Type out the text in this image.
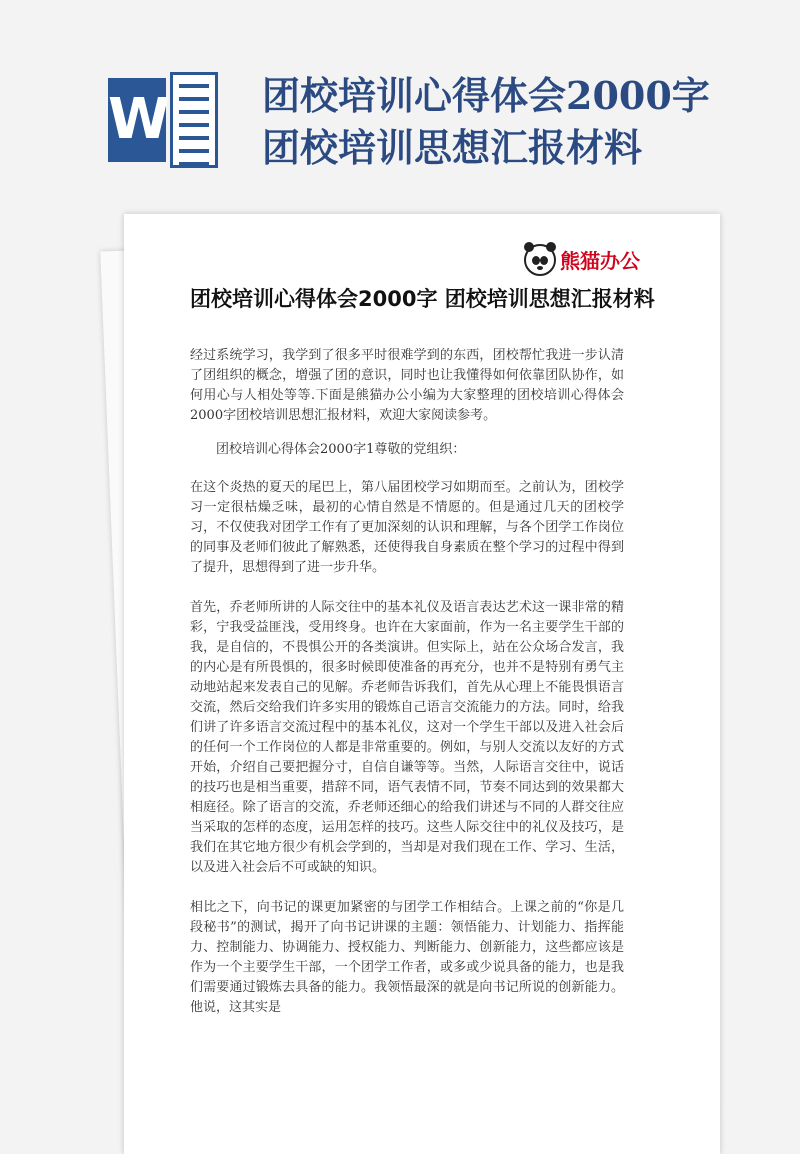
W 团校培训心得体会2000字
团校培训思想汇报材料
熊猫办公
团校培训心得体会2000字 团校培训思想汇报材料

经过系统学习，我学到了很多平时很难学到的东西，团校帮忙我进一步认清了团组织的概念，增强了团的意识，同时也让我懂得如何依靠团队协作，如何用心与人相处等等.下面是熊猫办公小编为大家整理的团校培训心得体会2000字团校培训思想汇报材料，欢迎大家阅读参考。

团校培训心得体会2000字1尊敬的党组织：

在这个炎热的夏天的尾巴上，第八届团校学习如期而至。之前认为，团校学习一定很枯燥乏味，最初的心情自然是不情愿的。但是通过几天的团校学习，不仅使我对团学工作有了更加深刻的认识和理解，与各个团学工作岗位的同事及老师们彼此了解熟悉，还使得我自身素质在整个学习的过程中得到了提升，思想得到了进一步升华。

首先，乔老师所讲的人际交往中的基本礼仪及语言表达艺术这一课非常的精彩，宁我受益匪浅，受用终身。也许在大家面前，作为一名主要学生干部的我，是自信的，不畏惧公开的各类演讲。但实际上，站在公众场合发言，我的内心是有所畏惧的，很多时候即使准备的再充分，也并不是特别有勇气主动地站起来发表自己的见解。乔老师告诉我们，首先从心理上不能畏惧语言交流，然后交给我们许多实用的锻炼自己语言交流能力的方法。同时，给我们讲了许多语言交流过程中的基本礼仪，这对一个学生干部以及进入社会后的任何一个工作岗位的人都是非常重要的。例如，与别人交流以友好的方式开始，介绍自己要把握分寸，自信自谦等等。当然，人际语言交往中，说话的技巧也是相当重要，措辞不同，语气表情不同，节奏不同达到的效果都大相庭径。除了语言的交流，乔老师还细心的给我们讲述与不同的人群交往应当采取的怎样的态度，运用怎样的技巧。这些人际交往中的礼仪及技巧，是我们在其它地方很少有机会学到的，当却是对我们现在工作、学习、生活，以及进入社会后不可或缺的知识。

相比之下，向书记的课更加紧密的与团学工作相结合。上课之前的“你是几段秘书”的测试，揭开了向书记讲课的主题：领悟能力、计划能力、指挥能力、控制能力、协调能力、授权能力、判断能力、创新能力，这些都应该是作为一个主要学生干部，一个团学工作者，或多或少说具备的能力，也是我们需要通过锻炼去具备的能力。我领悟最深的就是向书记所说的创新能力。他说，这其实是
